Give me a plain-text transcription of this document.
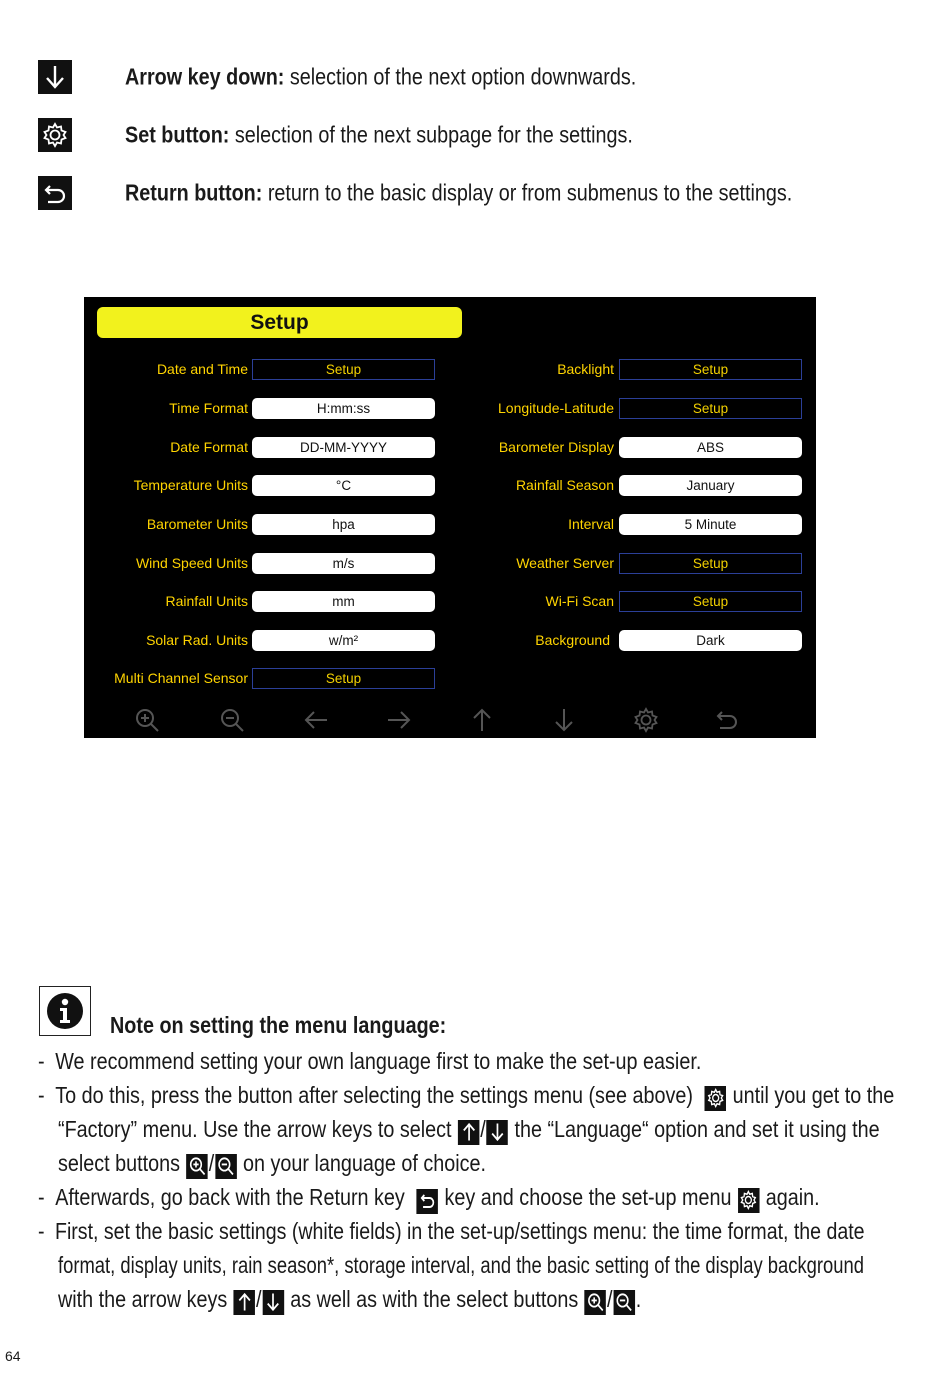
Arrow key down: selection of the next option downwards.
Set button: selection of the next subpage for the settings.
Return button: return to the basic display or from submenus to the settings.
Setup
Date and Time	Setup
Time Format	H:mm:ss
Date Format	DD-MM-YYYY
Temperature Units	°C
Barometer Units	hpa
Wind Speed Units	m/s
Rainfall Units	mm
Solar Rad. Units	w/m²
Multi Channel Sensor	Setup
Backlight	Setup
Longitude-Latitude	Setup
Barometer Display	ABS
Rainfall Season	January
Interval	5 Minute
Weather Server	Setup
Wi-Fi Scan	Setup
Background	Dark
Note on setting the menu language:
- We recommend setting your own language first to make the set-up easier.
- To do this, press the button after selecting the settings menu (see above) until you get to the
“Factory” menu. Use the arrow keys to select / the “Language“ option and set it using the
select buttons / on your language of choice.
- Afterwards, go back with the Return key key and choose the set-up menu again.
- First, set the basic settings (white fields) in the set-up/settings menu: the time format, the date
format, display units, rain season*, storage interval, and the basic setting of the display background
with the arrow keys / as well as with the select buttons / .
64
